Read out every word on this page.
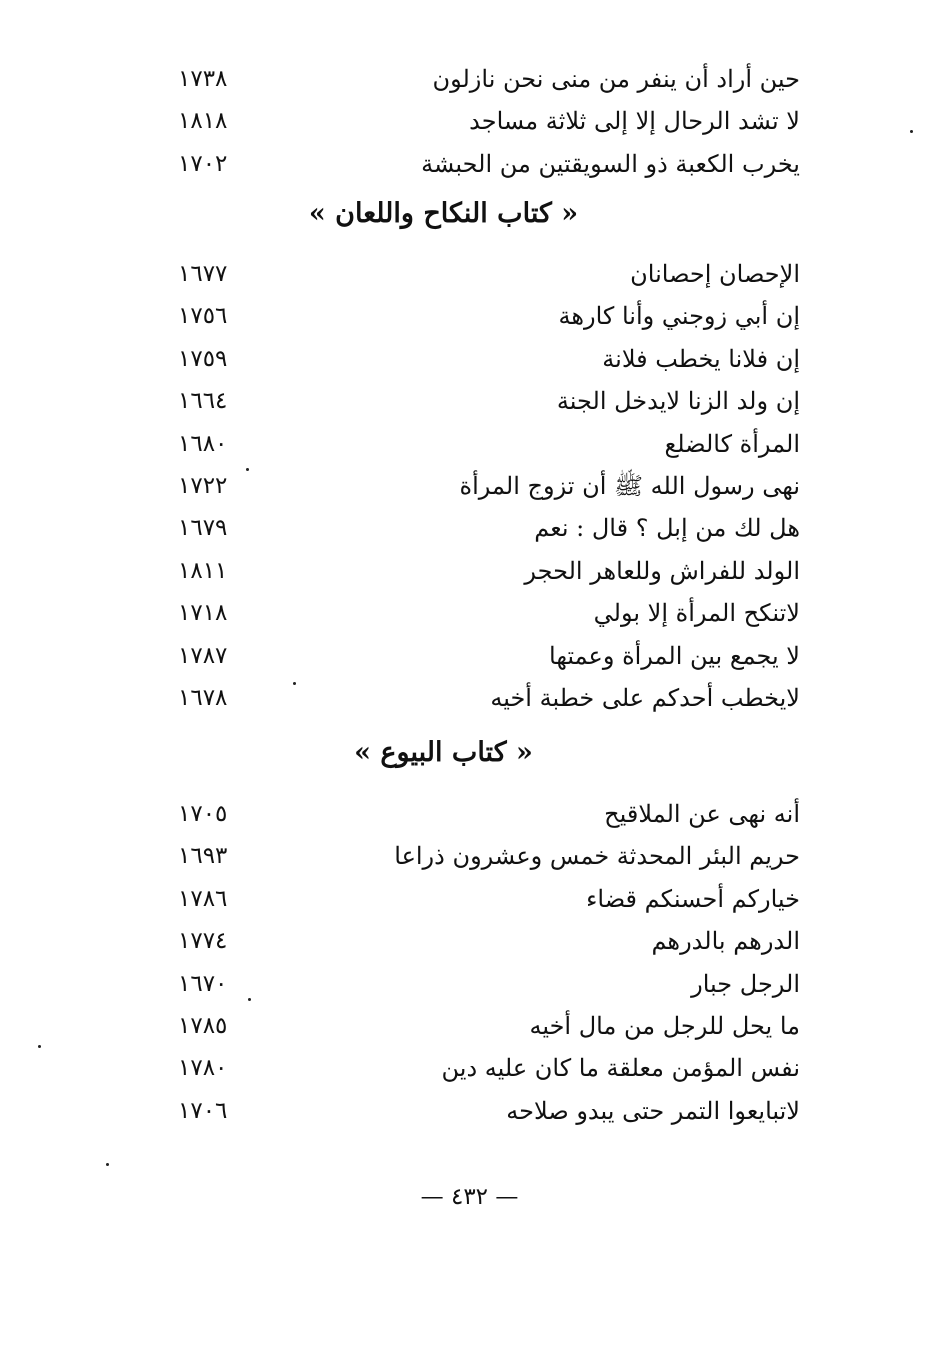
حين أراد أن ينفر من منى نحن نازلون
١٧٣٨
لا تشد الرحال إلا إلى ثلاثة مساجد
١٨١٨
يخرب الكعبة ذو السويقتين من الحبشة
١٧٠٢
« كتاب النكاح واللعان »
الإحصان إحصانان
١٦٧٧
إن أبي زوجني وأنا كارهة
١٧٥٦
إن فلانا يخطب فلانة
١٧٥٩
إن ولد الزنا لايدخل الجنة
١٦٦٤
المرأة كالضلع
١٦٨٠
نهى رسول الله ﷺ أن تزوج المرأة
١٧٢٢
هل لك من إبل ؟ قال : نعم
١٦٧٩
الولد للفراش وللعاهر الحجر
١٨١١
لاتنكح المرأة إلا بولي
١٧١٨
لا يجمع بين المرأة وعمتها
١٧٨٧
لايخطب أحدكم على خطبة أخيه
١٦٧٨
« كتاب البيوع »
أنه نهى عن الملاقيح
١٧٠٥
حريم البئر المحدثة خمس وعشرون ذراعا
١٦٩٣
خياركم أحسنكم قضاء
١٧٨٦
الدرهم بالدرهم
١٧٧٤
الرجل جبار
١٦٧٠
ما يحل للرجل من مال أخيه
١٧٨٥
نفس المؤمن معلقة ما كان عليه دين
١٧٨٠
لاتبايعوا التمر حتى يبدو صلاحه
١٧٠٦
— ٤٣٢ —
